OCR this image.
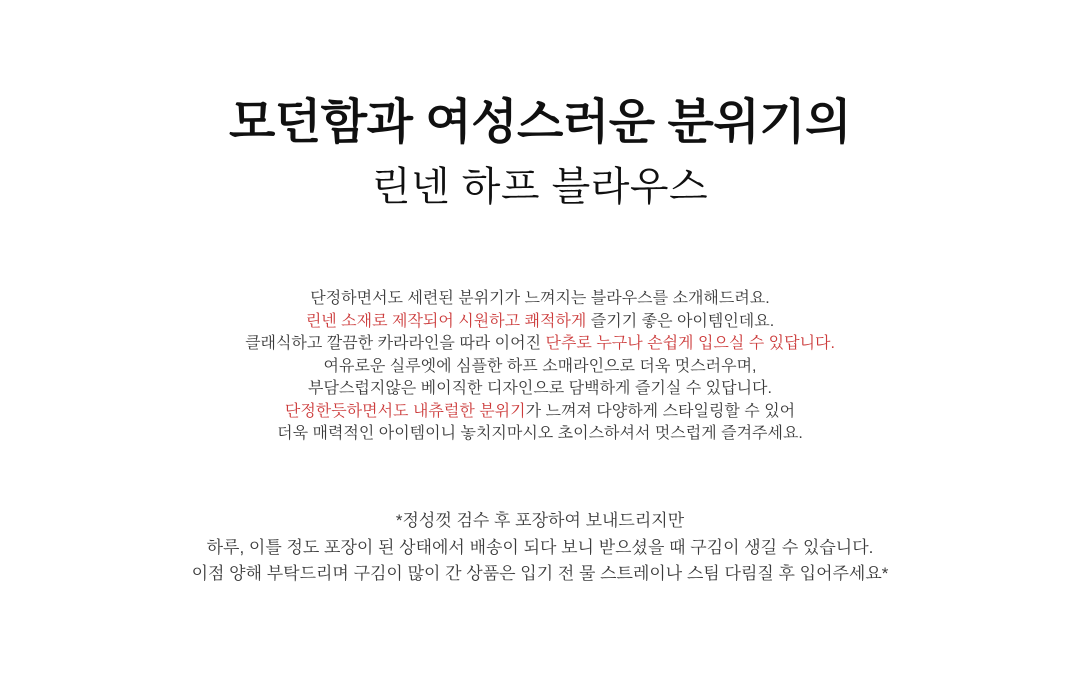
모던함과 여성스러운 분위기의
린넨 하프 블라우스

단정하면서도 세련된 분위기가 느껴지는 블라우스를 소개해드려요.

린넨 소재로 제작되어 시원하고 쾌적하게 즐기기 좋은 아이템인데요.

클래식하고 깔끔한 카라라인을 따라 이어진 단추로 누구나 손쉽게 입으실 수 있답니다.

여유로운 실루엣에 심플한 하프 소매라인으로 더욱 멋스러우며,

부담스럽지않은 베이직한 디자인으로 담백하게 즐기실 수 있답니다.

단정한듯하면서도 내츄럴한 분위기가 느껴져 다양하게 스타일링할 수 있어

더욱 매력적인 아이템이니 놓치지마시오 초이스하셔서 멋스럽게 즐겨주세요.

*정성껏 검수 후 포장하여 보내드리지만

하루, 이틀 정도 포장이 된 상태에서 배송이 되다 보니 받으셨을 때 구김이 생길 수 있습니다.

이점 양해 부탁드리며 구김이 많이 간 상품은 입기 전 물 스트레이나 스팀 다림질 후 입어주세요*
